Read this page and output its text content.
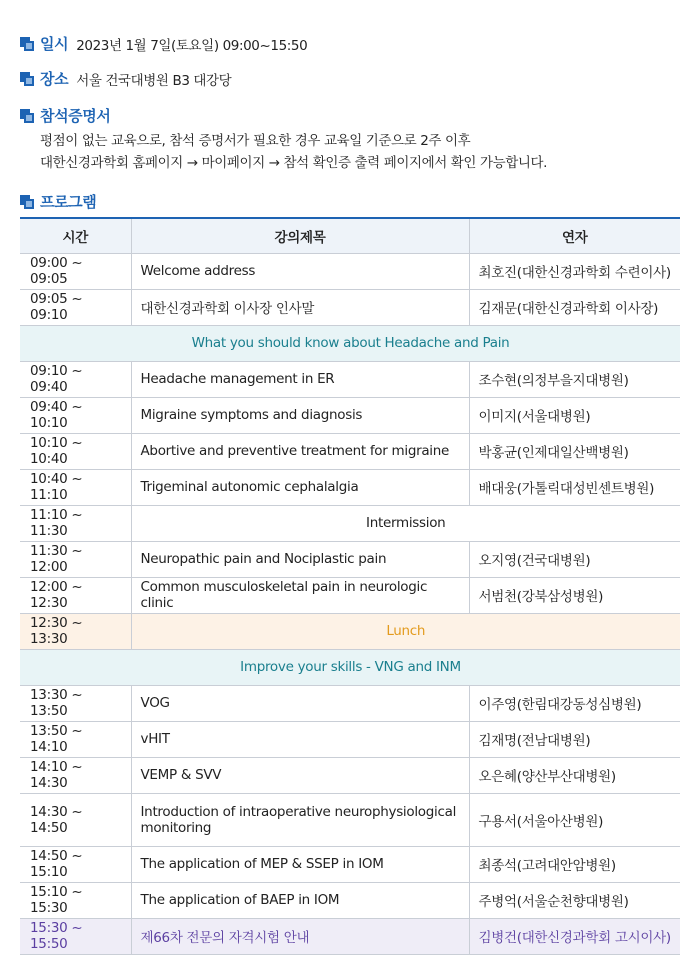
일시 2023년 1월 7일(토요일) 09:00~15:50
장소 서울 건국대병원 B3 대강당
참석증명서
평점이 없는 교육으로, 참석 증명서가 필요한 경우 교육일 기준으로 2주 이후
대한신경과학회 홈페이지 → 마이페이지 → 참석 확인증 출력 페이지에서 확인 가능합니다.
프로그램
시간	강의제목	연자
09:00 ~ 09:05	Welcome address	최호진(대한신경과학회 수련이사)
09:05 ~ 09:10	대한신경과학회 이사장 인사말	김재문(대한신경과학회 이사장)
What you should know about Headache and Pain		
09:10 ~ 09:40	Headache management in ER	조수현(의정부을지대병원)
09:40 ~ 10:10	Migraine symptoms and diagnosis	이미지(서울대병원)
10:10 ~ 10:40	Abortive and preventive treatment for migraine	박홍균(인제대일산백병원)
10:40 ~ 11:10	Trigeminal autonomic cephalalgia	배대웅(가톨릭대성빈센트병원)
11:10 ~ 11:30	Intermission	
11:30 ~ 12:00	Neuropathic pain and Nociplastic pain	오지영(건국대병원)
12:00 ~ 12:30	Common musculoskeletal pain in neurologic clinic	서범천(강북삼성병원)
12:30 ~ 13:30	Lunch	
Improve your skills - VNG and INM		
13:30 ~ 13:50	VOG	이주영(한림대강동성심병원)
13:50 ~ 14:10	vHIT	김재명(전남대병원)
14:10 ~ 14:30	VEMP & SVV	오은혜(양산부산대병원)
14:30 ~ 14:50	Introduction of intraoperative neurophysiological monitoring	구용서(서울아산병원)
14:50 ~ 15:10	The application of MEP & SSEP in IOM	최종석(고려대안암병원)
15:10 ~ 15:30	The application of BAEP in IOM	주병억(서울순천향대병원)
15:30 ~ 15:50	제66차 전문의 자격시험 안내	김병건(대한신경과학회 고시이사)
